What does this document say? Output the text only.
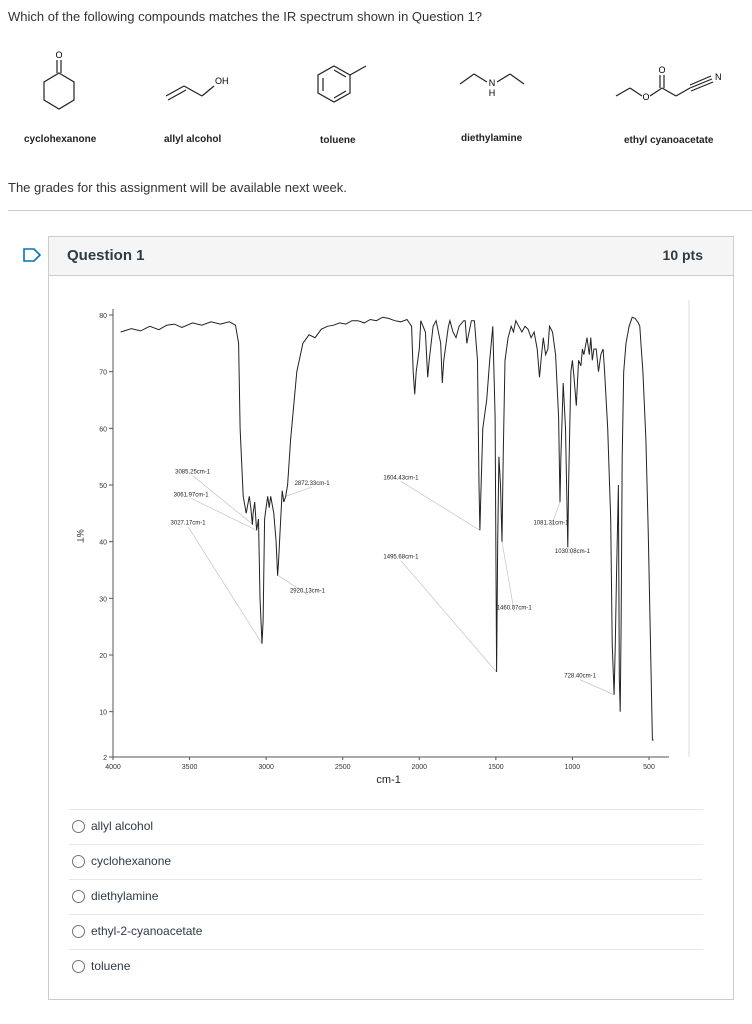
Which of the following compounds matches the IR spectrum shown in Question 1?
O
cyclohexanone
OH
allyl alcohol	toluene
N
H
diethylamine
O
O
N
ethyl cyanoacetate
The grades for this assignment will be available next week.
Question 1	10 pts
80
70
60
50
40
30
20
10
2
4000	3500	3000	2500	2000	1500	1000	500
%T
cm-1
3085.25cm-1
3061.97cm-1
3027.17cm-1
2872.33cm-1
2920.13cm-1
1604.43cm-1
1495.68cm-1
1081.31cm-1
1030.08cm-1
1460.07cm-1
728.40cm-1
allyl alcohol
cyclohexanone
diethylamine
ethyl-2-cyanoacetate
toluene
